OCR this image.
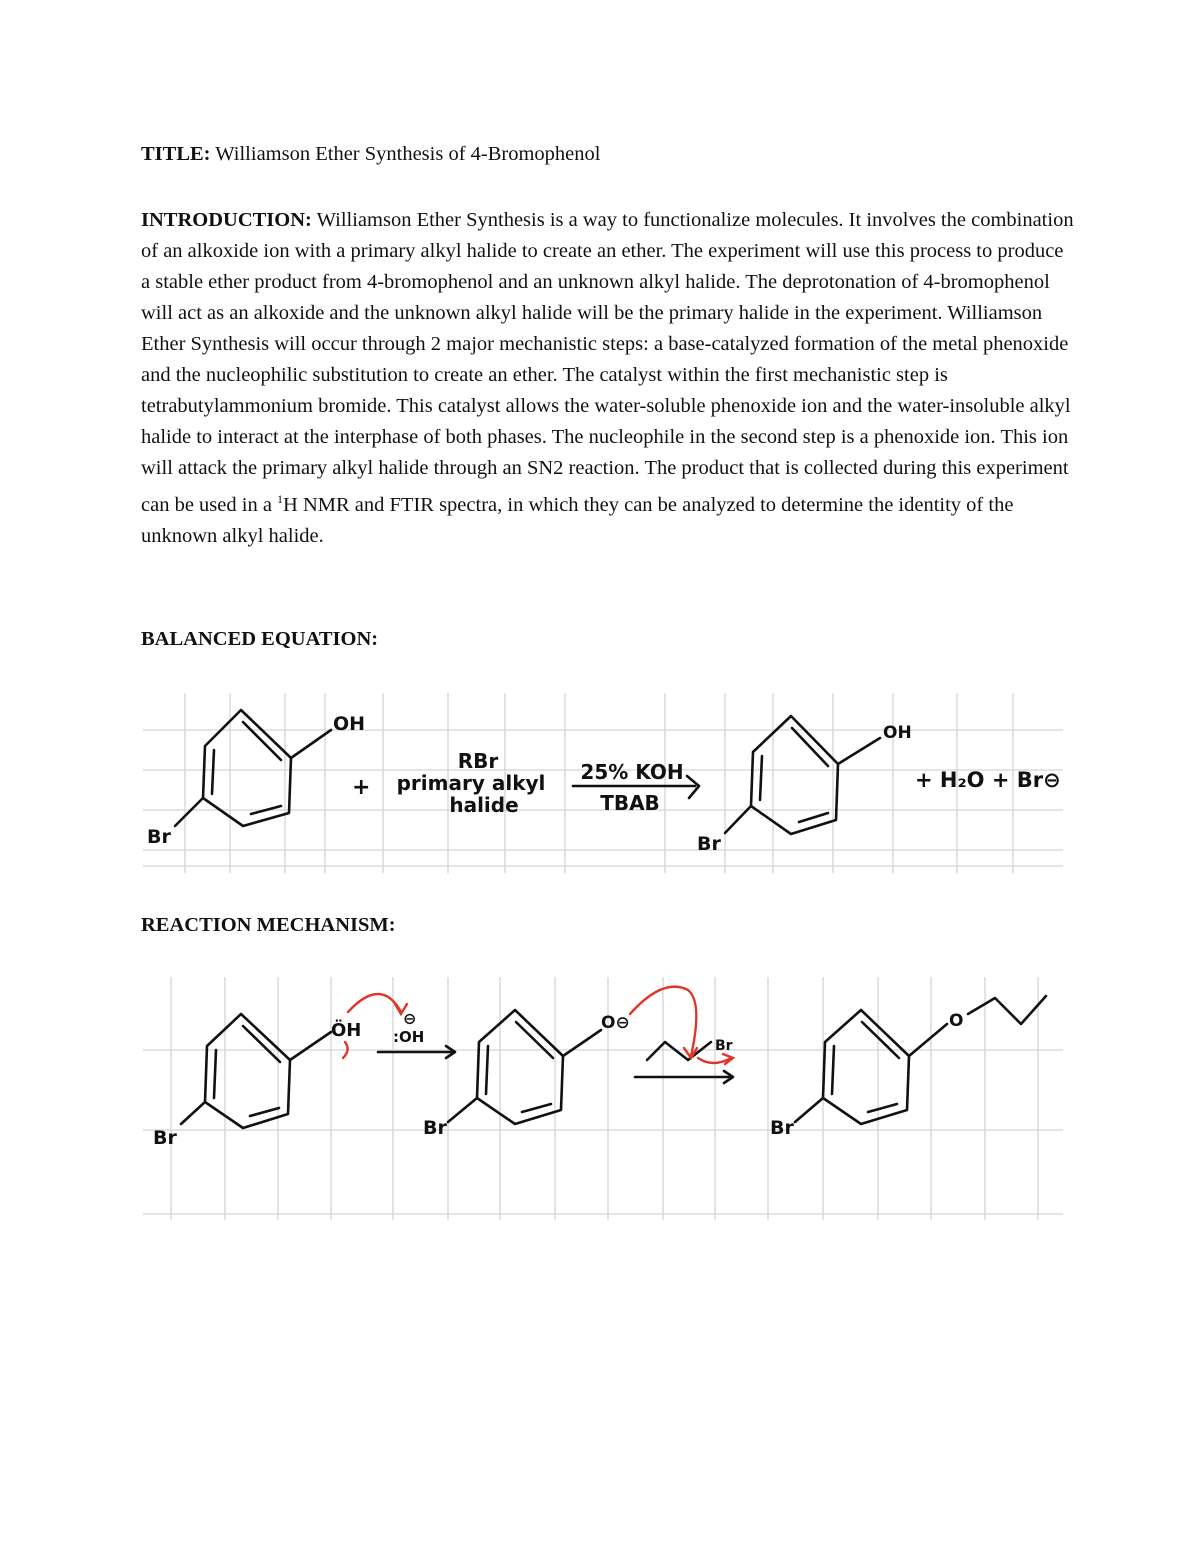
TITLE: Williamson Ether Synthesis of 4-Bromophenol
INTRODUCTION: Williamson Ether Synthesis is a way to functionalize molecules. It involves the combination of an alkoxide ion with a primary alkyl halide to create an ether. The experiment will use this process to produce a stable ether product from 4-bromophenol and an unknown alkyl halide. The deprotonation of 4-bromophenol will act as an alkoxide and the unknown alkyl halide will be the primary halide in the experiment. Williamson Ether Synthesis will occur through 2 major mechanistic steps: a base-catalyzed formation of the metal phenoxide and the nucleophilic substitution to create an ether. The catalyst within the first mechanistic step is tetrabutylammonium bromide. This catalyst allows the water-soluble phenoxide ion and the water-insoluble alkyl halide to interact at the interphase of both phases. The nucleophile in the second step is a phenoxide ion. This ion will attack the primary alkyl halide through an SN2 reaction. The product that is collected during this experiment can be used in a $^1$H NMR and FTIR spectra, in which they can be analyzed to determine the identity of the unknown alkyl halide.
BALANCED EQUATION:
OH
Br
+
RBr
primary alkyl
halide
25% KOH
TBAB
OH
Br
+ H₂O + Br⊖
REACTION MECHANISM:
ÖH
Br
⊖
:OH
O⊖
Br
Br
O
Br
